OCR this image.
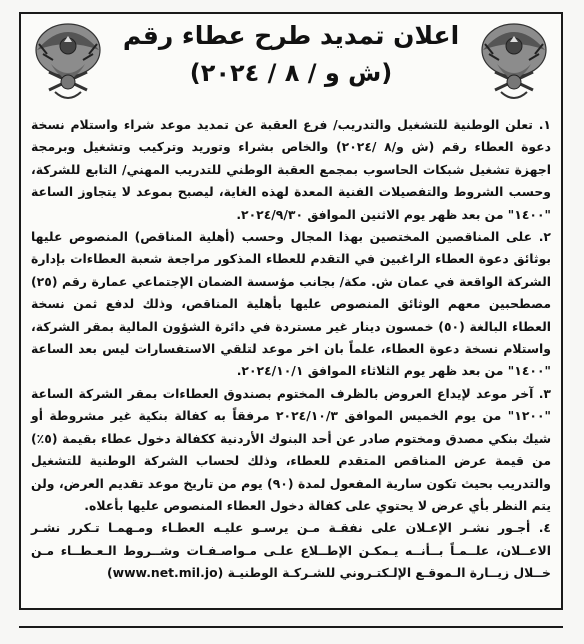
اعلان تمديد طرح عطاء رقم
(ش و / ٨ / ٢٠٢٤)

١. تعلن الوطنية للتشغيل والتدريب/ فرع العقبة عن تمديد موعد شراء واستلام نسخة دعوة العطاء رقم (ش و/٨ /٢٠٢٤) والخاص بشراء وتوريد وتركيب وتشغيل وبرمجة اجهزة تشغيل شبكات الحاسوب بمجمع العقبة الوطني للتدريب المهني/ التابع للشركة، وحسب الشروط والتفصيلات الفنية المعدة لهذه الغاية، ليصبح بموعد لا يتجاوز الساعة "١٤٠٠" من بعد ظهر يوم الاثنين الموافق ٢٠٢٤/٩/٣٠.

٢. على المناقصين المختصين بهذا المجال وحسب (أهلية المناقص) المنصوص عليها بوثائق دعوة العطاء الراغبين في التقدم للعطاء المذكور مراجعة شعبة العطاءات بإدارة الشركة الواقعة في عمان ش. مكة/ بجانب مؤسسة الضمان الإجتماعي عمارة رقم (٢٥) مصطحبين معهم الوثائق المنصوص عليها بأهلية المناقص، وذلك لدفع ثمن نسخة العطاء البالغة (٥٠) خمسون دينار غير مستردة في دائرة الشؤون المالية بمقر الشركة، واستلام نسخة دعوة العطاء، علماً بان اخر موعد لتلقي الاستفسارات ليس بعد الساعة "١٤٠٠" من بعد ظهر يوم الثلاثاء الموافق ٢٠٢٤/١٠/١.

٣. آخر موعد لإيداع العروض بالظرف المختوم بصندوق العطاءات بمقر الشركة الساعة "١٢٠٠" من يوم الخميس الموافق ٢٠٢٤/١٠/٣ مرفقاً به كفالة بنكية غير مشروطة أو شيك بنكي مصدق ومختوم صادر عن أحد البنوك الأردنية ككفالة دخول عطاء بقيمة (٥٪) من قيمة عرض المناقص المتقدم للعطاء، وذلك لحساب الشركة الوطنية للتشغيل والتدريب بحيث تكون سارية المفعول لمدة (٩٠) يوم من تاريخ موعد تقديم العرض، ولن يتم النظر بأي عرض لا يحتوي على كفالة دخول العطاء المنصوص عليها بأعلاه.

٤. أجـور نشـر الإعـلان على نفقـة مـن يرسـو عليـه العطـاء ومـهمـا تـكرر نشـر الاعــلان، علــمـاً بــأنــه يـمكـن الإطــلاع علـى مـواصـفـات وشــروط الـعـطــاء مـن خــلال زيــارة الـموقـع الإلـكتـروني للشـركـة الوطنيـة (www.net.mil.jo)
